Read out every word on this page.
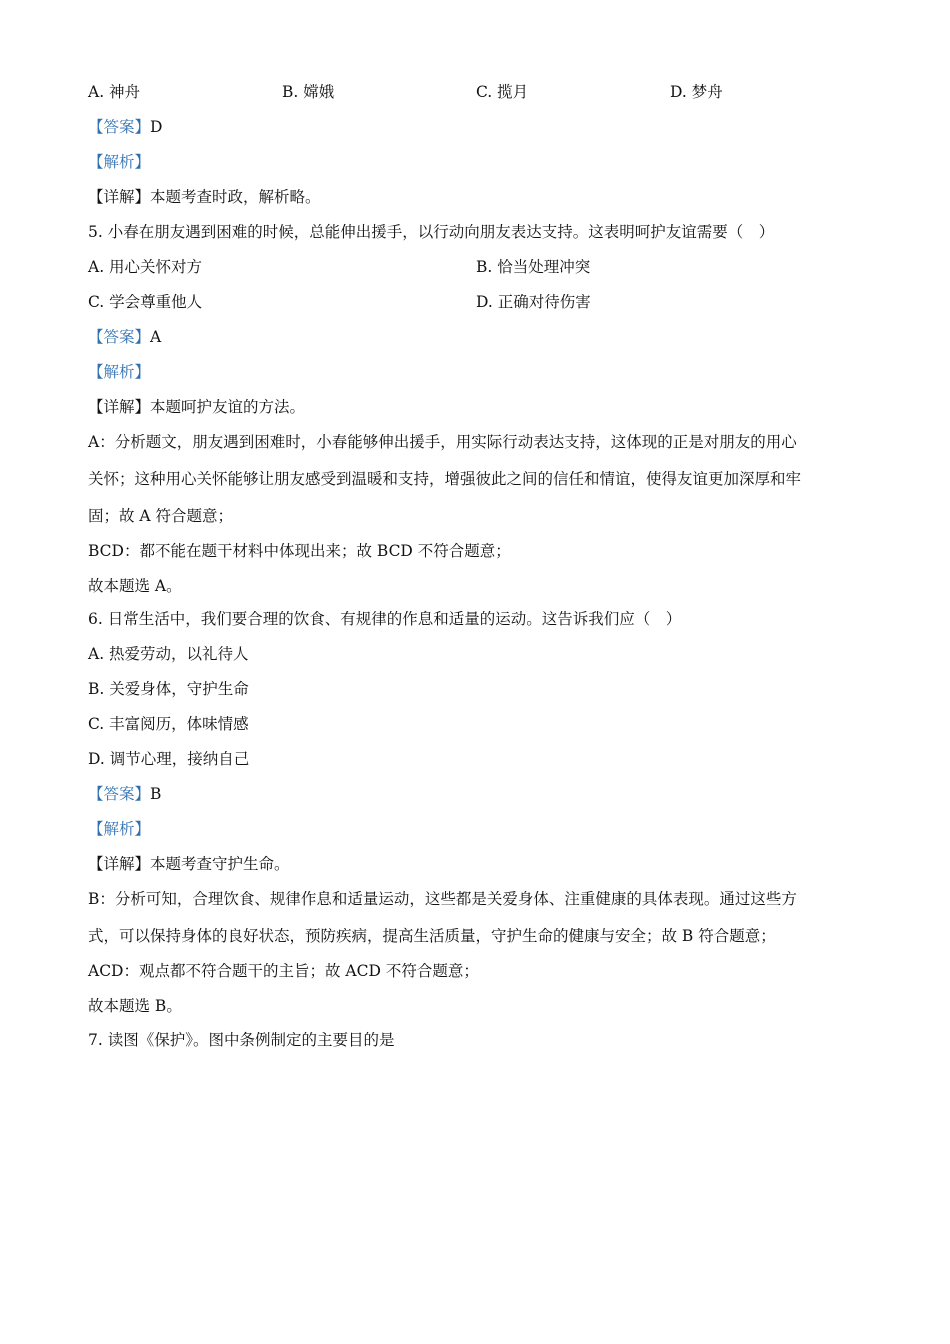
A. 神舟	B. 嫦娥	C. 揽月	D. 梦舟
【答案】D
【解析】
【详解】本题考查时政，解析略。
5. 小春在朋友遇到困难的时候，总能伸出援手，以行动向朋友表达支持。这表明呵护友谊需要（　）
A. 用心关怀对方	B. 恰当处理冲突
C. 学会尊重他人	D. 正确对待伤害
【答案】A
【解析】
【详解】本题呵护友谊的方法。
A：分析题文，朋友遇到困难时，小春能够伸出援手，用实际行动表达支持，这体现的正是对朋友的用心
关怀；这种用心关怀能够让朋友感受到温暖和支持，增强彼此之间的信任和情谊，使得友谊更加深厚和牢
固；故 A 符合题意；
BCD：都不能在题干材料中体现出来；故 BCD 不符合题意；
故本题选 A。
6. 日常生活中，我们要合理的饮食、有规律的作息和适量的运动。这告诉我们应（　）
A. 热爱劳动，以礼待人
B. 关爱身体，守护生命
C. 丰富阅历，体味情感
D. 调节心理，接纳自己
【答案】B
【解析】
【详解】本题考查守护生命。
B：分析可知，合理饮食、规律作息和适量运动，这些都是关爱身体、注重健康的具体表现。通过这些方
式，可以保持身体的良好状态，预防疾病，提高生活质量，守护生命的健康与安全；故 B 符合题意；
ACD：观点都不符合题干的主旨；故 ACD 不符合题意；
故本题选 B。
7. 读图《保护》。图中条例制定的主要目的是
